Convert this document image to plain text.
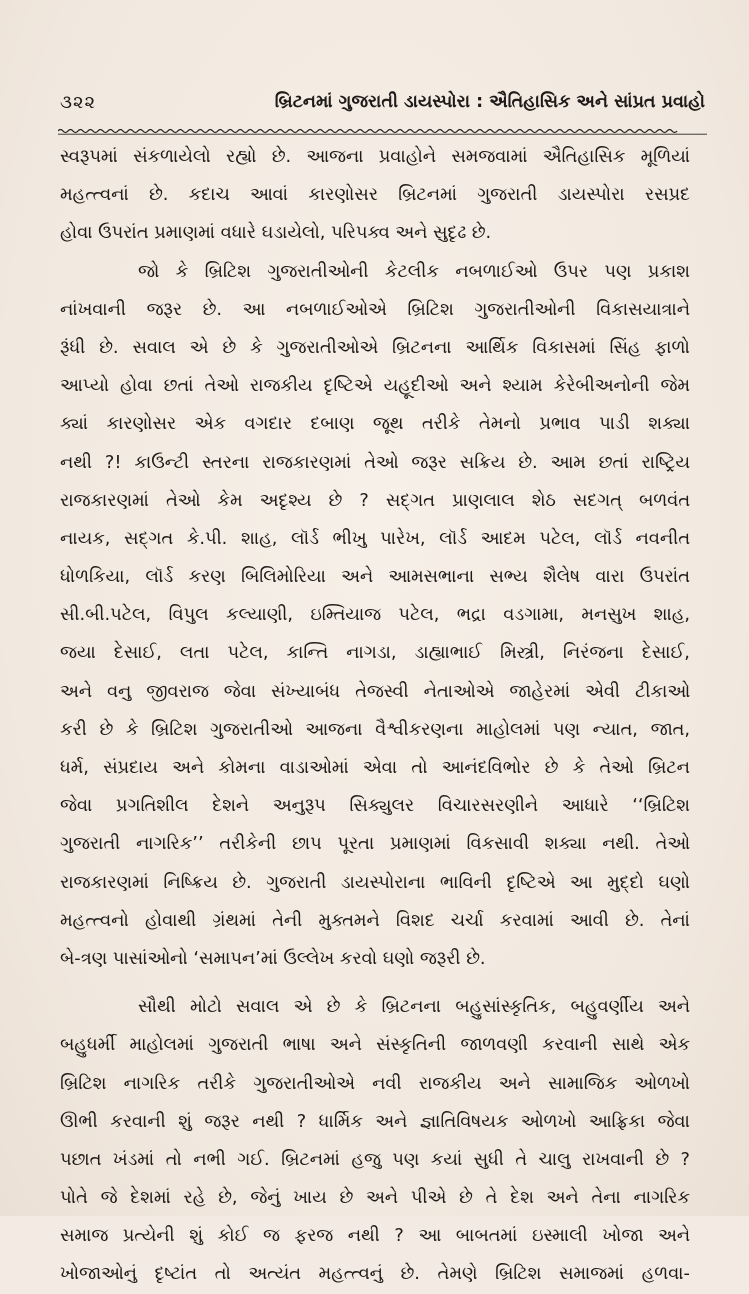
૩૨૨	બ્રિટનમાં ગુજરાતી ડાયસ્પોરા : ઐતિહાસિક અને સાંપ્રત પ્રવાહો
સ્વરૂપમાં સંકળાયેલો રહ્યો છે. આજના પ્રવાહોને સમજવામાં ઐતિહાસિક મૂળિયાં
મહત્ત્વનાં છે. કદાચ આવાં કારણોસર બ્રિટનમાં ગુજરાતી ડાયસ્પોરા રસપ્રદ
હોવા ઉપરાંત પ્રમાણમાં વધારે ઘડાયેલો, પરિપક્વ અને સુદૃઢ છે.
જો કે બ્રિટિશ ગુજરાતીઓની કેટલીક નબળાઈઓ ઉપર પણ પ્રકાશ
નાંખવાની જરૂર છે. આ નબળાઈઓએ બ્રિટિશ ગુજરાતીઓની વિકાસયાત્રાને
રૂંધી છે. સવાલ એ છે કે ગુજરાતીઓએ બ્રિટનના આર્થિક વિકાસમાં સિંહ ફાળો
આપ્યો હોવા છતાં તેઓ રાજકીય દૃષ્ટિએ યહૂદીઓ અને શ્યામ કેરેબીઅનોની જેમ
ક્યાં કારણોસર એક વગદાર દબાણ જૂથ તરીકે તેમનો પ્રભાવ પાડી શક્યા
નથી ?! કાઉન્ટી સ્તરના રાજકારણમાં તેઓ જરૂર સક્રિય છે. આમ છતાં રાષ્ટ્રિય
રાજકારણમાં તેઓ કેમ અદૃશ્ય છે ? સદ્‌ગત પ્રાણલાલ શેઠ સદગત્ બળવંત
નાયક, સદ્‌ગત કે.પી. શાહ, લૉર્ડ ભીખુ પારેખ, લૉર્ડ આદમ પટેલ, લૉર્ડ નવનીત
ધોળકિયા, લૉર્ડ કરણ બિલિમોરિયા અને આમસભાના સભ્ય શૈલેષ વારા ઉપરાંત
સી.બી.પટેલ, વિપુલ કલ્યાણી, ઇમ્તિયાજ પટેલ, ભદ્રા વડગામા, મનસુખ શાહ,
જયા દેસાઈ, લતા પટેલ, કાન્તિ નાગડા, ડાહ્યાભાઈ મિસ્ત્રી, નિરંજના દેસાઈ,
અને વનુ જીવરાજ જેવા સંખ્યાબંધ તેજસ્વી નેતાઓએ જાહેરમાં એવી ટીકાઓ
કરી છે કે બ્રિટિશ ગુજરાતીઓ આજના વૈશ્વીકરણના માહોલમાં પણ ન્યાત, જાત,
ધર્મ, સંપ્રદાય અને કોમના વાડાઓમાં એવા તો આનંદવિભોર છે કે તેઓ બ્રિટન
જેવા પ્રગતિશીલ દેશને અનુરૂપ સિક્યુલર વિચારસરણીને આધારે ‘‘બ્રિટિશ
ગુજરાતી નાગરિક’’ તરીકેની છાપ પૂરતા પ્રમાણમાં વિકસાવી શક્યા નથી. તેઓ
રાજકારણમાં નિષ્ક્રિય છે. ગુજરાતી ડાયસ્પોરાના ભાવિની દૃષ્ટિએ આ મુદ્દો ઘણો
મહત્ત્વનો હોવાથી ગ્રંથમાં તેની મુક્તમને વિશદ ચર્ચા કરવામાં આવી છે. તેનાં
બે-ત્રણ પાસાંઓનો ‘સમાપન’માં ઉલ્લેખ કરવો ઘણો જરૂરી છે.
સૌથી મોટો સવાલ એ છે કે બ્રિટનના બહુસાંસ્કૃતિક, બહુવર્ણીય અને
બહુધર્મી માહોલમાં ગુજરાતી ભાષા અને સંસ્કૃતિની જાળવણી કરવાની સાથે એક
બ્રિટિશ નાગરિક તરીકે ગુજરાતીઓએ નવી રાજકીય અને સામાજિક ઓળખો
ઊભી કરવાની શું જરૂર નથી ? ધાર્મિક અને જ્ઞાતિવિષયક ઓળખો આફ્રિકા જેવા
પછાત ખંડમાં તો નભી ગઈ. બ્રિટનમાં હજુ પણ કયાં સુધી તે ચાલુ રાખવાની છે ?
પોતે જે દેશમાં રહે છે, જેનું ખાય છે અને પીએ છે તે દેશ અને તેના નાગરિક
સમાજ પ્રત્યેની શું કોઈ જ ફરજ નથી ? આ બાબતમાં ઇસ્માલી ખોજા અને
ખોજાઓનું દૃષ્ટાંત તો અત્યંત મહત્ત્વનું છે. તેમણે બ્રિટિશ સમાજમાં હળવા-
